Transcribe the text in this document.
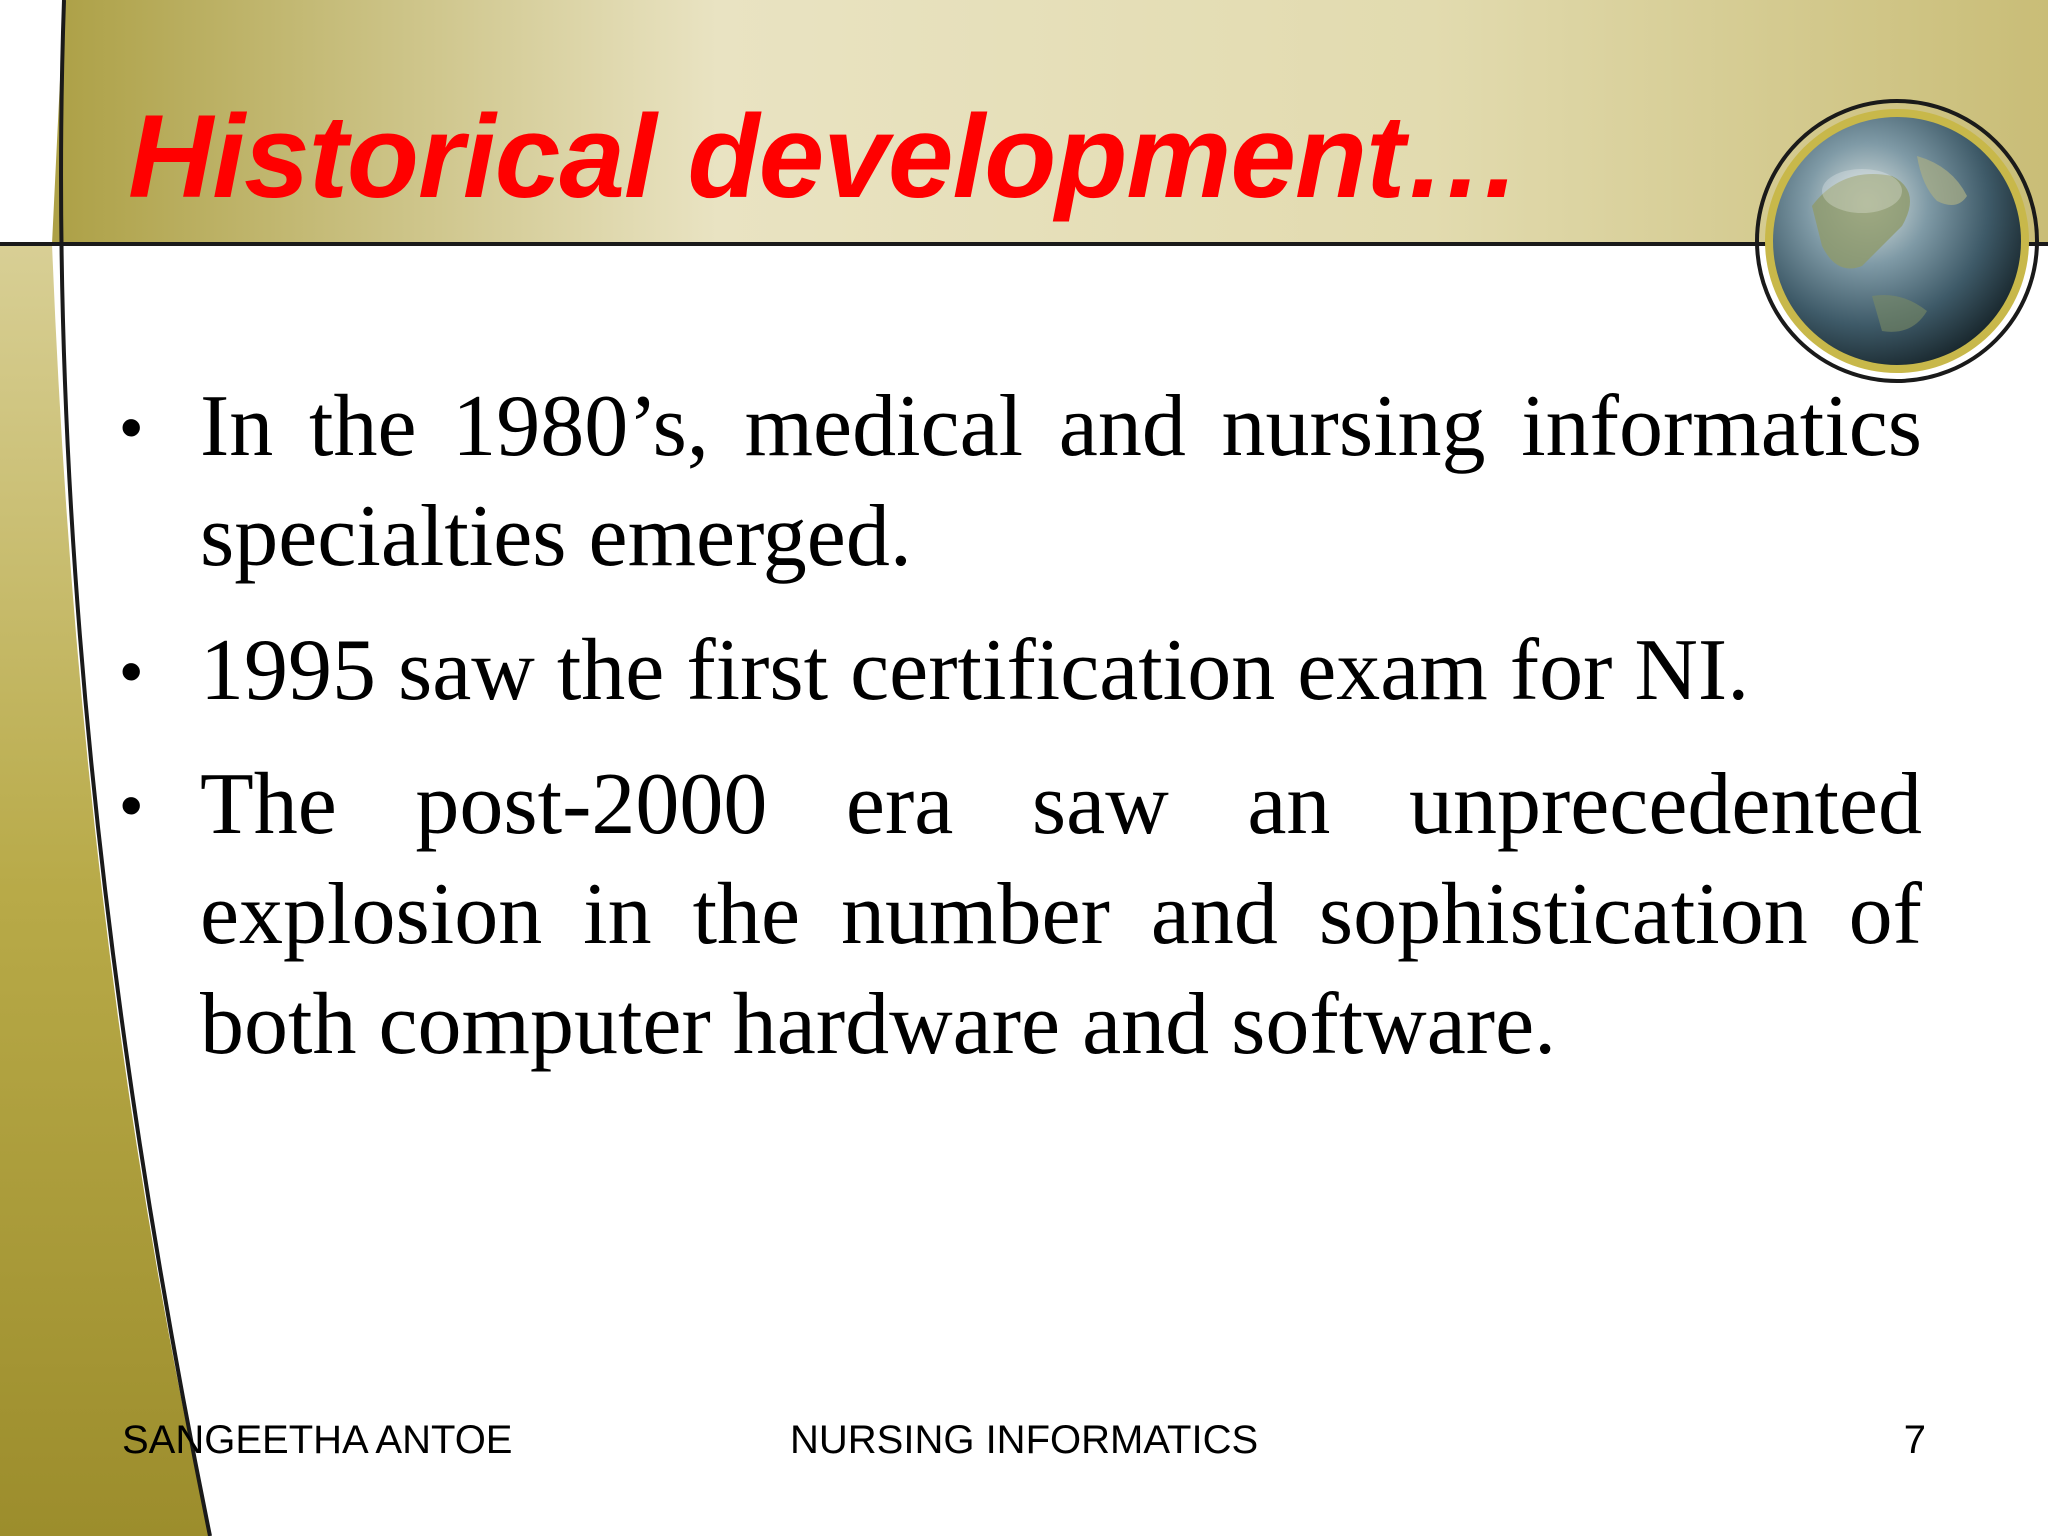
Historical development…
• In the 1980’s, medical and nursing informatics specialties emerged.
• 1995 saw the first certification exam for NI.
• The post-2000 era saw an unprecedented explosion in the number and sophistication of both computer hardware and software.
SANGEETHA ANTOE	NURSING INFORMATICS	7
